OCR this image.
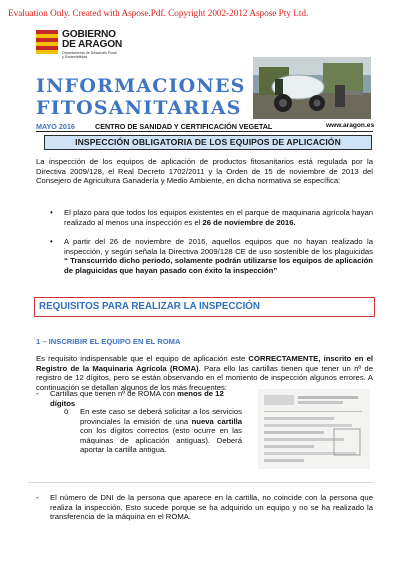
Evaluation Only. Created with Aspose.Pdf. Copyright 2002-2012 Aspose Pty Ltd.
GOBIERNO
DE ARAGON
Departamento de Desarrollo Rural
y Sostenibilidad
INFORMACIONES
FITOSANITARIAS
MAYO 2016	CENTRO DE SANIDAD Y CERTIFICACIÓN VEGETAL	www.aragon.es
INSPECCIÓN OBLIGATORIA DE LOS EQUIPOS DE APLICACIÓN
La inspección de los equipos de aplicación de productos fitosanitarios está regulada por la Directiva 2009/128, el Real Decreto 1702/2011 y la Orden de 15 de noviembre de 2013 del Consejero de Agricultura Ganadería y Medio Ambiente, en dicha normativa se específica:
• El plazo para que todos los equipos existentes en el parque de maquinaria agrícola hayan realizado al menos una inspección es el 26 de noviembre de 2016.
• A partir del 26 de noviembre de 2016, aquellos equipos que no hayan realizado la inspección, y según señala la Directiva 2009/128 CE de uso sostenible de los plaguicidas “ Transcurrido dicho periodo, solamente podrán utilizarse los equipos de aplicación de plaguicidas que hayan pasado con éxito la inspección”
REQUISITOS PARA REALIZAR LA INSPECCIÓN
1 – INSCRIBIR EL EQUIPO EN EL ROMA
Es requisito indispensable que el equipo de aplicación este CORRECTAMENTE, inscrito en el Registro de la Maquinaria Agrícola (ROMA). Para ello las cartillas tienen que tener un nº de registro de 12 dígitos, pero se están observando en el momento de inspección algunos errores. A continuación se detallan algunos de los más frecuentes:
- Cartillas que tienen nº de ROMA con menos de 12 dígitos
o En este caso se deberá solicitar a los servicios provinciales la emisión de una nueva cartilla con los dígitos correctos (esto ocurre en las máquinas de aplicación antiguas). Deberá aportar la cartilla antigua.
- El número de DNI de la persona que aparece en la cartilla, no coincide con la persona que realiza la inspección. Esto sucede porque se ha adquirido un equipo y no se ha realizado la transferencia de la máquina en el ROMA.
